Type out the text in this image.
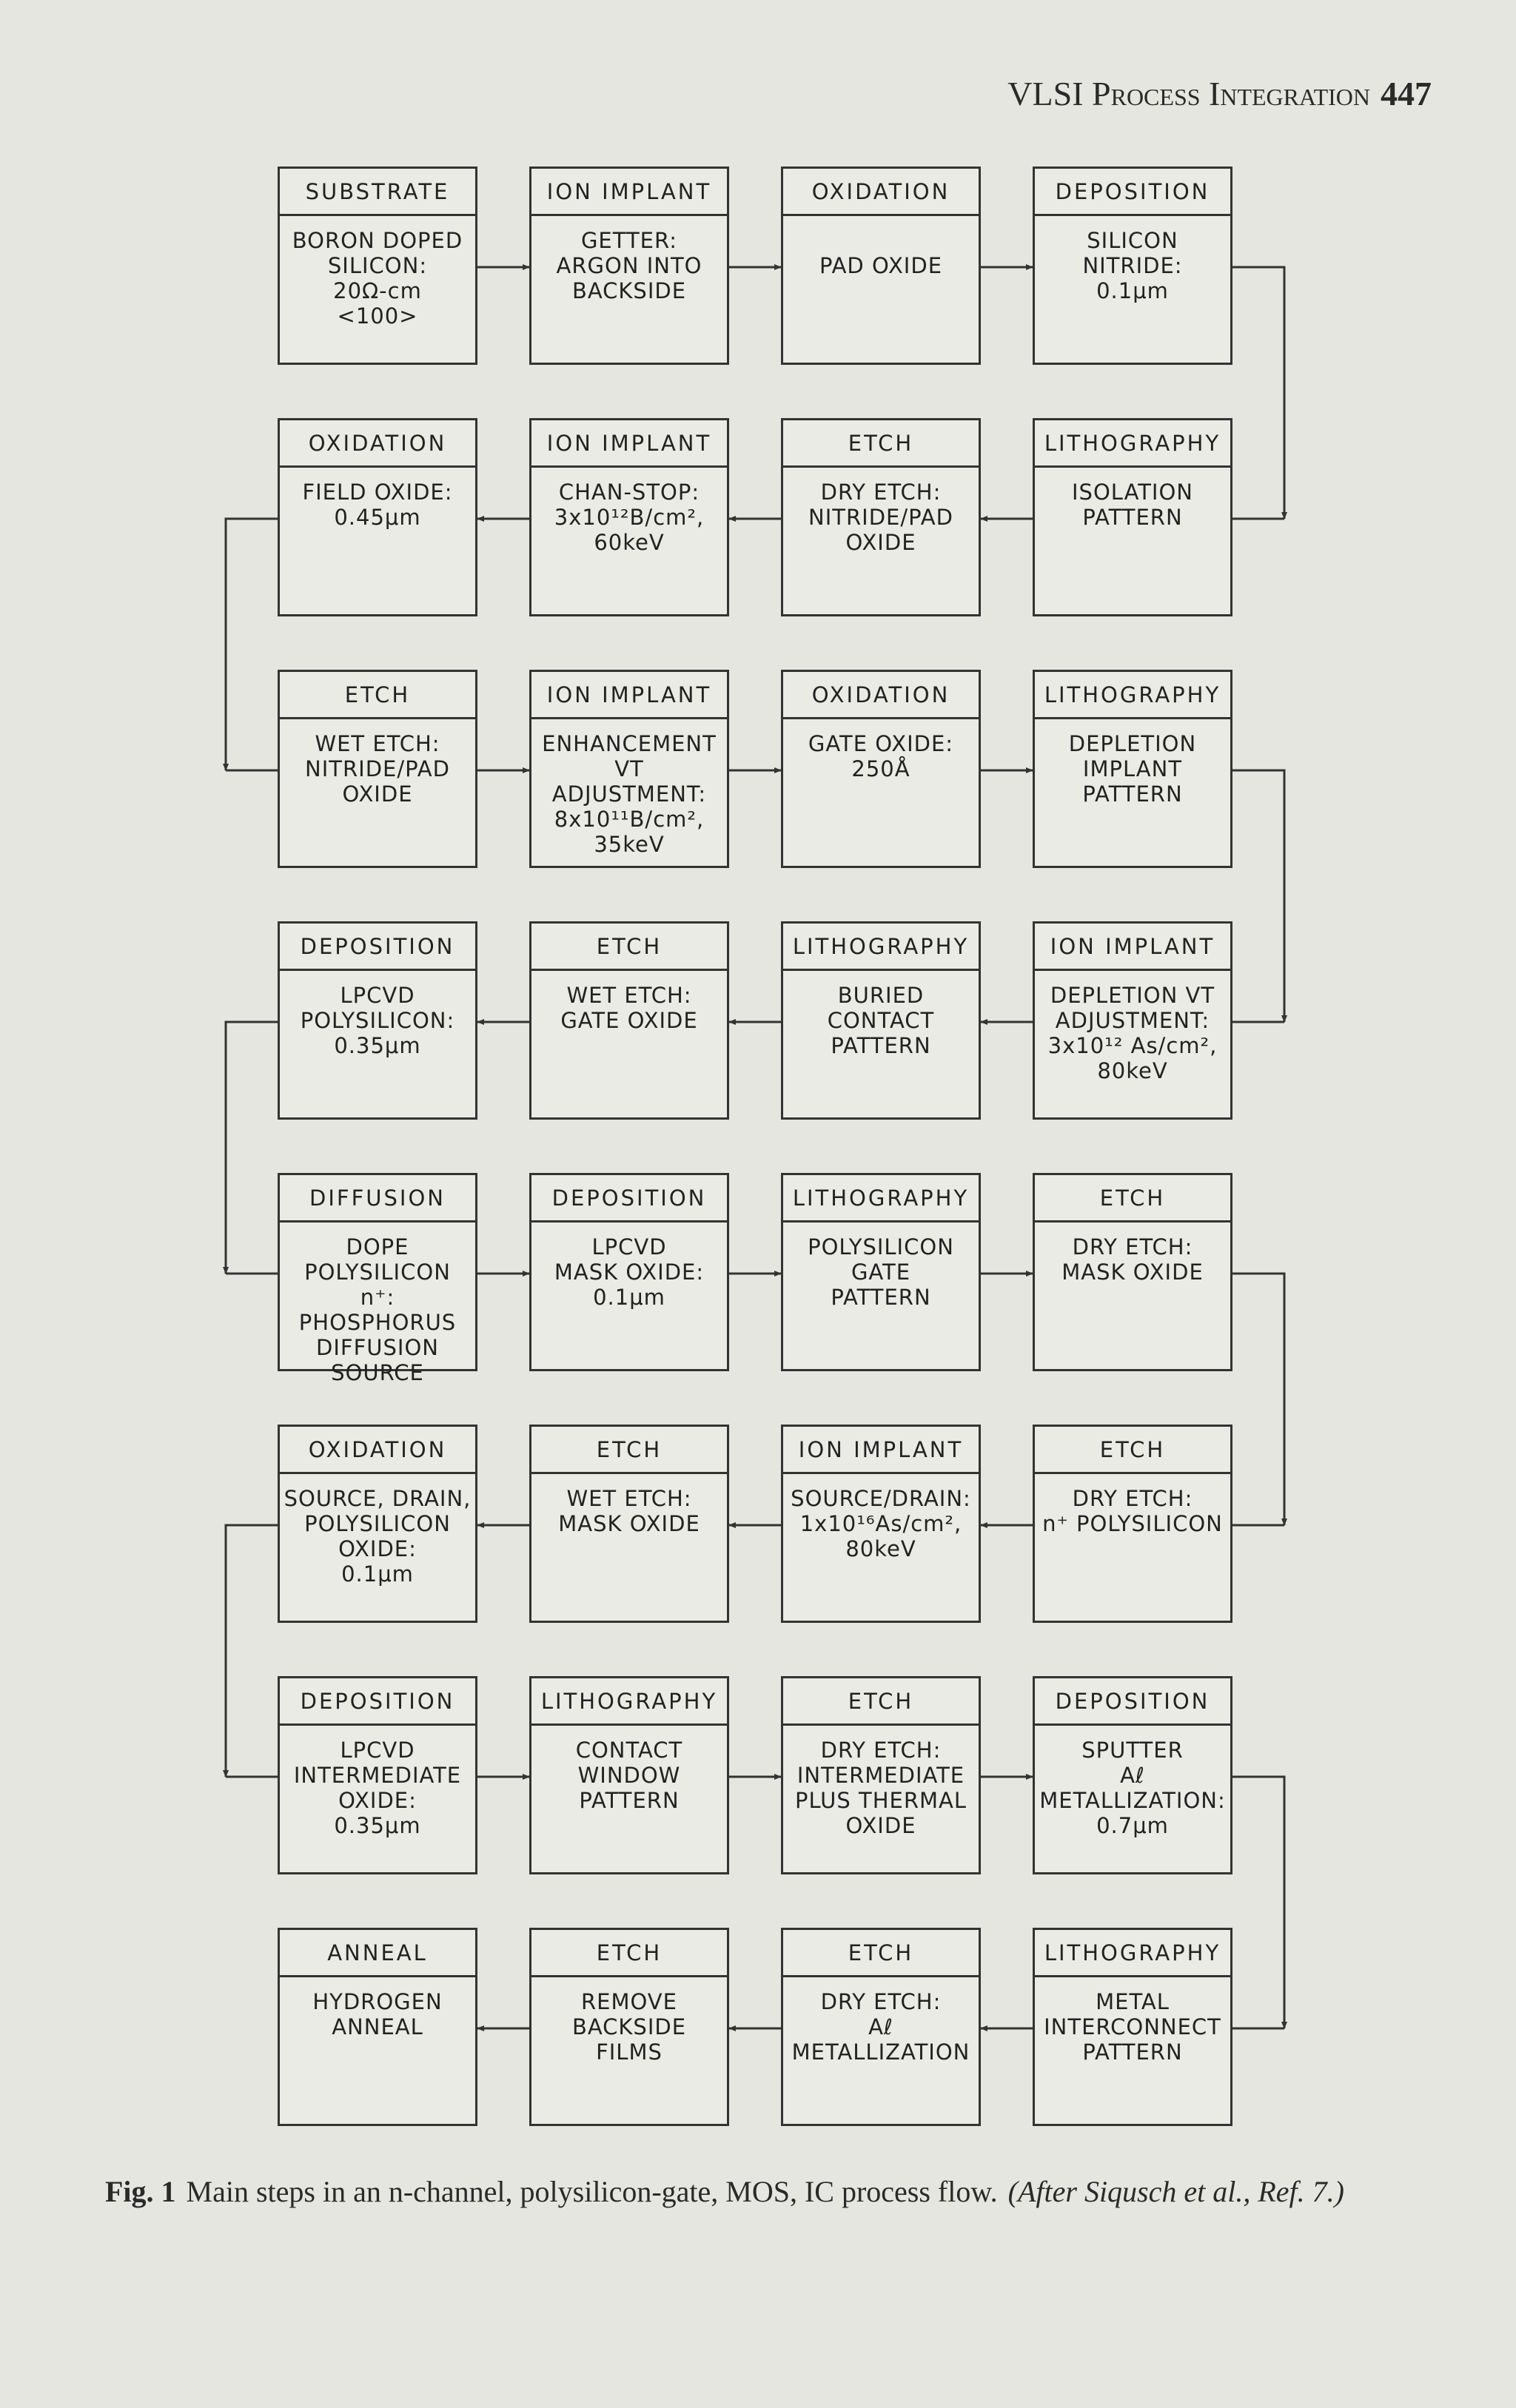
VLSI Process Integration 447
SUBSTRATE
BORON DOPED
SILICON:
20Ω-cm
<100>
ION IMPLANT
GETTER:
ARGON INTO
BACKSIDE
OXIDATION

PAD OXIDE
DEPOSITION
SILICON NITRIDE:
0.1μm
LITHOGRAPHY
ISOLATION
PATTERN
ETCH
DRY ETCH:
NITRIDE/PAD
OXIDE
ION IMPLANT
CHAN-STOP:
3x10¹²B/cm²,
60keV
OXIDATION
FIELD OXIDE:
0.45μm
ETCH
WET ETCH:
NITRIDE/PAD
OXIDE
ION IMPLANT
ENHANCEMENT VT
ADJUSTMENT:
8x10¹¹B/cm²,
35keV
OXIDATION
GATE OXIDE:
250Å
LITHOGRAPHY
DEPLETION
IMPLANT
PATTERN
ION IMPLANT
DEPLETION VT
ADJUSTMENT:
3x10¹² As/cm²,
80keV
LITHOGRAPHY
BURIED
CONTACT
PATTERN
ETCH
WET ETCH:
GATE OXIDE
DEPOSITION
LPCVD
POLYSILICON:
0.35μm
DIFFUSION
DOPE
POLYSILICON
n⁺: PHOSPHORUS
DIFFUSION
SOURCE
DEPOSITION
LPCVD
MASK OXIDE:
0.1μm
LITHOGRAPHY
POLYSILICON
GATE
PATTERN
ETCH
DRY ETCH:
MASK OXIDE
ETCH
DRY ETCH:
n⁺ POLYSILICON
ION IMPLANT
SOURCE/DRAIN:
1x10¹⁶As/cm²,
80keV
ETCH
WET ETCH:
MASK OXIDE
OXIDATION
SOURCE, DRAIN,
POLYSILICON
OXIDE:
0.1μm
DEPOSITION
LPCVD
INTERMEDIATE
OXIDE:
0.35μm
LITHOGRAPHY
CONTACT
WINDOW
PATTERN
ETCH
DRY ETCH:
INTERMEDIATE
PLUS THERMAL
OXIDE
DEPOSITION
SPUTTER
Aℓ
METALLIZATION:
0.7μm
LITHOGRAPHY
METAL
INTERCONNECT
PATTERN
ETCH
DRY ETCH:
Aℓ
METALLIZATION
ETCH
REMOVE
BACKSIDE
FILMS
ANNEAL
HYDROGEN
ANNEAL
Fig. 1 Main steps in an n-channel, polysilicon-gate, MOS, IC process flow. (After Siqusch et al., Ref. 7.)
